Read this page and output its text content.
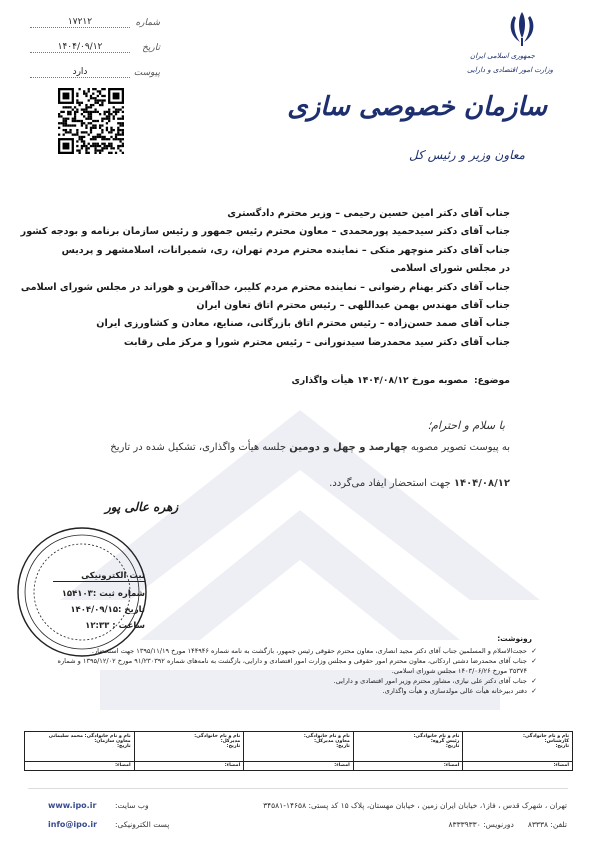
شماره
۱۷۲۱۲
تاریخ
۱۴۰۴/۰۹/۱۲
پیوست
دارد
جمهوری اسلامی ایران
وزارت امور اقتصادی و دارایی
سازمان خصوصی سازی
معاون وزیر و رئیس کل
جناب آقای دکتر امین حسین رحیمی – وزیر محترم دادگستری
جناب آقای دکتر سیدحمید پورمحمدی – معاون محترم رئیس جمهور و رئیس سازمان برنامه و بودجه کشور
جناب آقای دکتر منوچهر متکی – نماینده محترم مردم تهران، ری، شمیرانات، اسلامشهر و پردیس
در مجلس شورای اسلامی
جناب آقای دکتر بهنام رضوانی – نماینده محترم مردم کلیبر، خداآفرین و هوراند در مجلس شورای اسلامی
جناب آقای مهندس بهمن عبداللهی – رئیس محترم اتاق تعاون ایران
جناب آقای صمد حسن‌زاده – رئیس محترم اتاق بازرگانی، صنایع، معادن و کشاورزی ایران
جناب آقای دکتر سید محمدرضا سیدنورانی – رئیس محترم شورا و مرکز ملی رقابت
موضوع:مصوبه مورخ ۱۴۰۴/۰۸/۱۲ هیأت واگذاری
با سلام و احترام؛
به پیوست تصویر مصوبه چهارصد و چهل و دومین جلسه هیأت واگذاری، تشکیل شده در تاریخ
۱۴۰۴/۰۸/۱۲ جهت استحضار ایفاد می‌گردد.
زهره عالی پور
ثبت الکترونیکی
شماره ثبت :۱۵۴۱۰۳
تاریخ :۱۴۰۴/۰۹/۱۵
ساعت : ۱۲:۳۳
رونوشت:
✓ حجت‌الاسلام و المسلمین جناب آقای دکتر مجید انصاری، معاون محترم حقوقی رئیس جمهور، بازگشت به نامه شماره ۱۴۴۹۴۶ مورخ ۱۳۹۵/۱۱/۱۹ جهت استحضار.
✓ جناب آقای محمدرضا دشتی اردکانی، معاون محترم امور حقوقی و مجلس وزارت امور اقتصادی و دارایی، بازگشت به نامه‌های شماره ۹۱/۲۳۰۳۹۲ مورخ ۱۳۹۵/۱۲/۰۲ و شماره ۳۵۳۷۴ مورخ ۱۴۰۳/۰۶/۲۶ مجلس شورای اسلامی.
✓ جناب آقای دکتر علی نیازی، مشاور محترم وزیر امور اقتصادی و دارایی.
✓ دفتر دبیرخانه هیأت عالی مولدسازی و هیأت واگذاری.
نام و نام خانوادگی:
کارشناس:
تاریخ:
امضاء:
نام و نام خانوادگی:
رئیس گروه:
تاریخ:
امضاء:
نام و نام خانوادگی:
معاون مدیرکل:
تاریخ:
امضاء:
نام و نام خانوادگی:
مدیرکل:
تاریخ:
امضاء:
نام و نام خانوادگی: محمد سلیمانی
معاون سازمان:
تاریخ:
امضاء:
تهران ، شهرک قدس ، فاز۱، خیابان ایران زمین ، خیابان مهستان، پلاک ۱۵ کد پستی: ۱۴۶۵۸-۳۴۵۸۱
تلفن: ۸۳۳۳۸دورنویس: ۸۳۳۳۹۳۳۰
وب سایت:
www.ipo.ir
پست الکترونیکی:
info@ipo.ir
